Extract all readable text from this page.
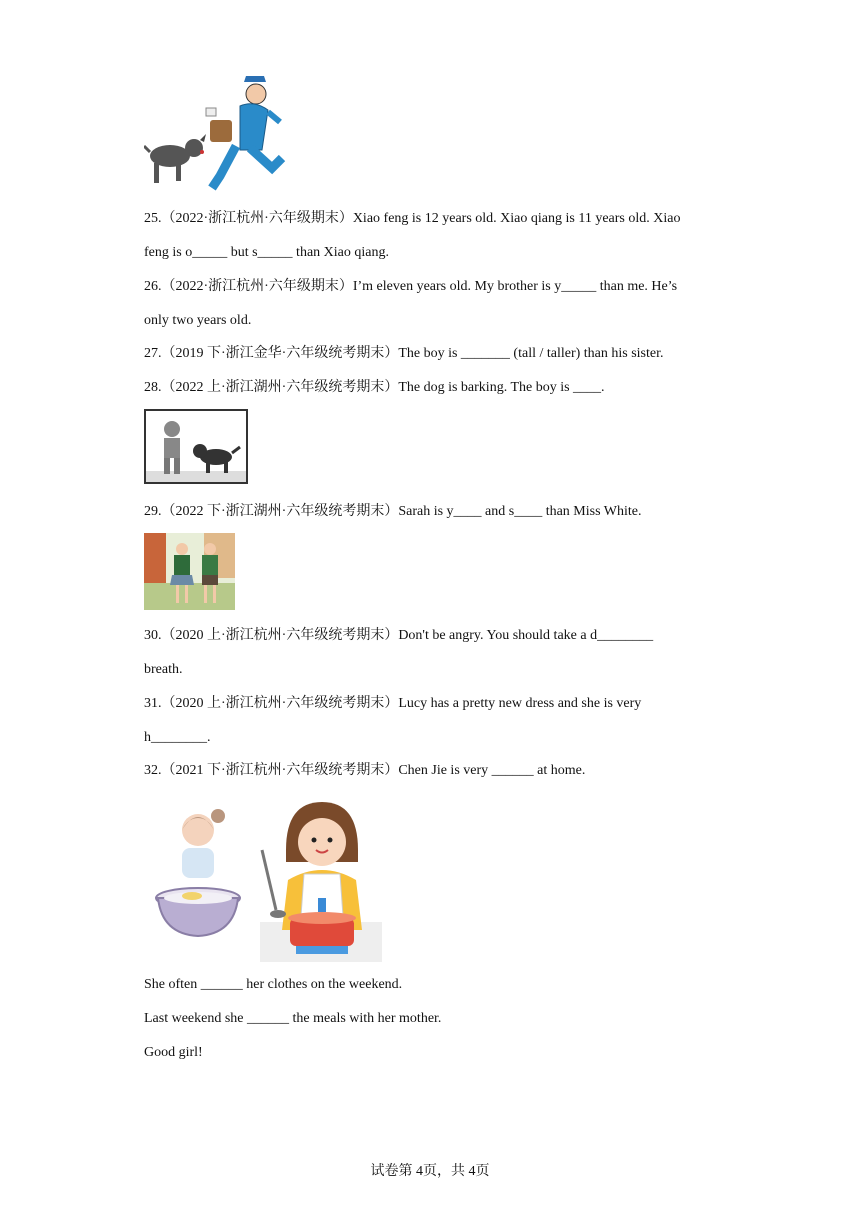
25.（2022·浙江杭州·六年级期末）Xiao feng is 12 years old. Xiao qiang is 11 years old. Xiao
feng is o_____ but s_____ than Xiao qiang.
26.（2022·浙江杭州·六年级期末）I’m eleven years old. My brother is y_____ than me. He’s
only two years old.
27.（2019 下·浙江金华·六年级统考期末）The boy is _______ (tall / taller) than his sister.
28.（2022 上·浙江湖州·六年级统考期末）The dog is barking. The boy is ____.
29.（2022 下·浙江湖州·六年级统考期末）Sarah is y____ and s____ than Miss White.
30.（2020 上·浙江杭州·六年级统考期末）Don't be angry. You should take a d________
breath.
31.（2020 上·浙江杭州·六年级统考期末）Lucy has a pretty new dress and she is very
h________.
32.（2021 下·浙江杭州·六年级统考期末）Chen Jie is very ______ at home.
She often ______ her clothes on the weekend.
Last weekend she ______ the meals with her mother.
Good girl!
试卷第 4页，共 4页
